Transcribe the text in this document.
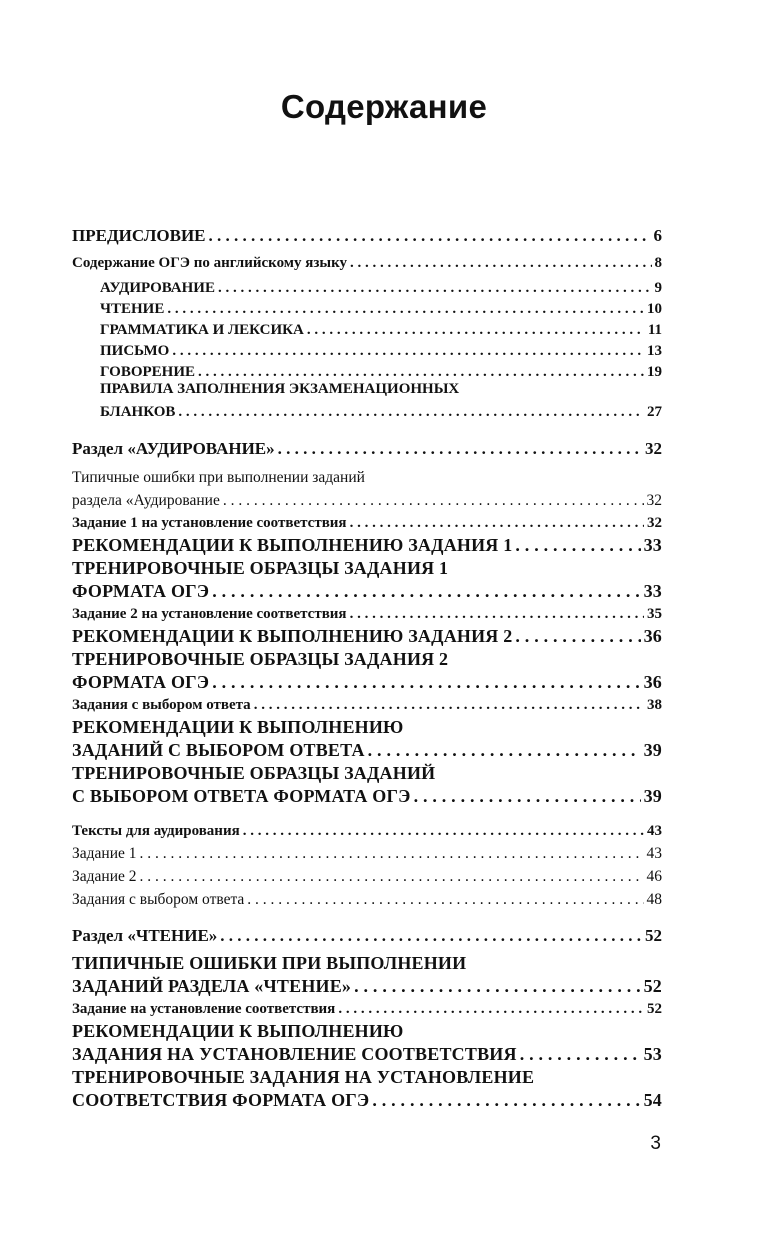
Содержание
ПРЕДИСЛОВИЕ . . .	6
Содержание ОГЭ по английскому языку . . .	8
АУДИРОВАНИЕ . . .	9
ЧТЕНИЕ . . .	10
ГРАММАТИКА И ЛЕКСИКА . . .	11
ПИСЬМО . . .	13
ГОВОРЕНИЕ . . .	19
ПРАВИЛА ЗАПОЛНЕНИЯ ЭКЗАМЕНАЦИОННЫХ
БЛАНКОВ . . .	27
Раздел «АУДИРОВАНИЕ» . . .	32
Типичные ошибки при выполнении заданий
раздела «Аудирование . . .	32
Задание 1 на установление соответствия . . .	32
РЕКОМЕНДАЦИИ К ВЫПОЛНЕНИЮ ЗАДАНИЯ 1 . . .	33
ТРЕНИРОВОЧНЫЕ ОБРАЗЦЫ ЗАДАНИЯ 1
ФОРМАТА ОГЭ . . .	33
Задание 2 на установление соответствия . . .	35
РЕКОМЕНДАЦИИ К ВЫПОЛНЕНИЮ ЗАДАНИЯ 2 . . .	36
ТРЕНИРОВОЧНЫЕ ОБРАЗЦЫ ЗАДАНИЯ 2
ФОРМАТА ОГЭ . . .	36
Задания с выбором ответа . . .	38
РЕКОМЕНДАЦИИ К ВЫПОЛНЕНИЮ
ЗАДАНИЙ С ВЫБОРОМ ОТВЕТА . . .	39
ТРЕНИРОВОЧНЫЕ ОБРАЗЦЫ ЗАДАНИЙ
С ВЫБОРОМ ОТВЕТА ФОРМАТА ОГЭ . . .	39
Тексты для аудирования . . .	43
Задание 1 . . .	43
Задание 2 . . .	46
Задания с выбором ответа . . .	48
Раздел «ЧТЕНИЕ» . . .	52
ТИПИЧНЫЕ ОШИБКИ ПРИ ВЫПОЛНЕНИИ
ЗАДАНИЙ РАЗДЕЛА «ЧТЕНИЕ» . . .	52
Задание на установление соответствия . . .	52
РЕКОМЕНДАЦИИ К ВЫПОЛНЕНИЮ
ЗАДАНИЯ НА УСТАНОВЛЕНИЕ СООТВЕТСТВИЯ . . .	53
ТРЕНИРОВОЧНЫЕ ЗАДАНИЯ НА УСТАНОВЛЕНИЕ
СООТВЕТСТВИЯ ФОРМАТА ОГЭ . . .	54
3
